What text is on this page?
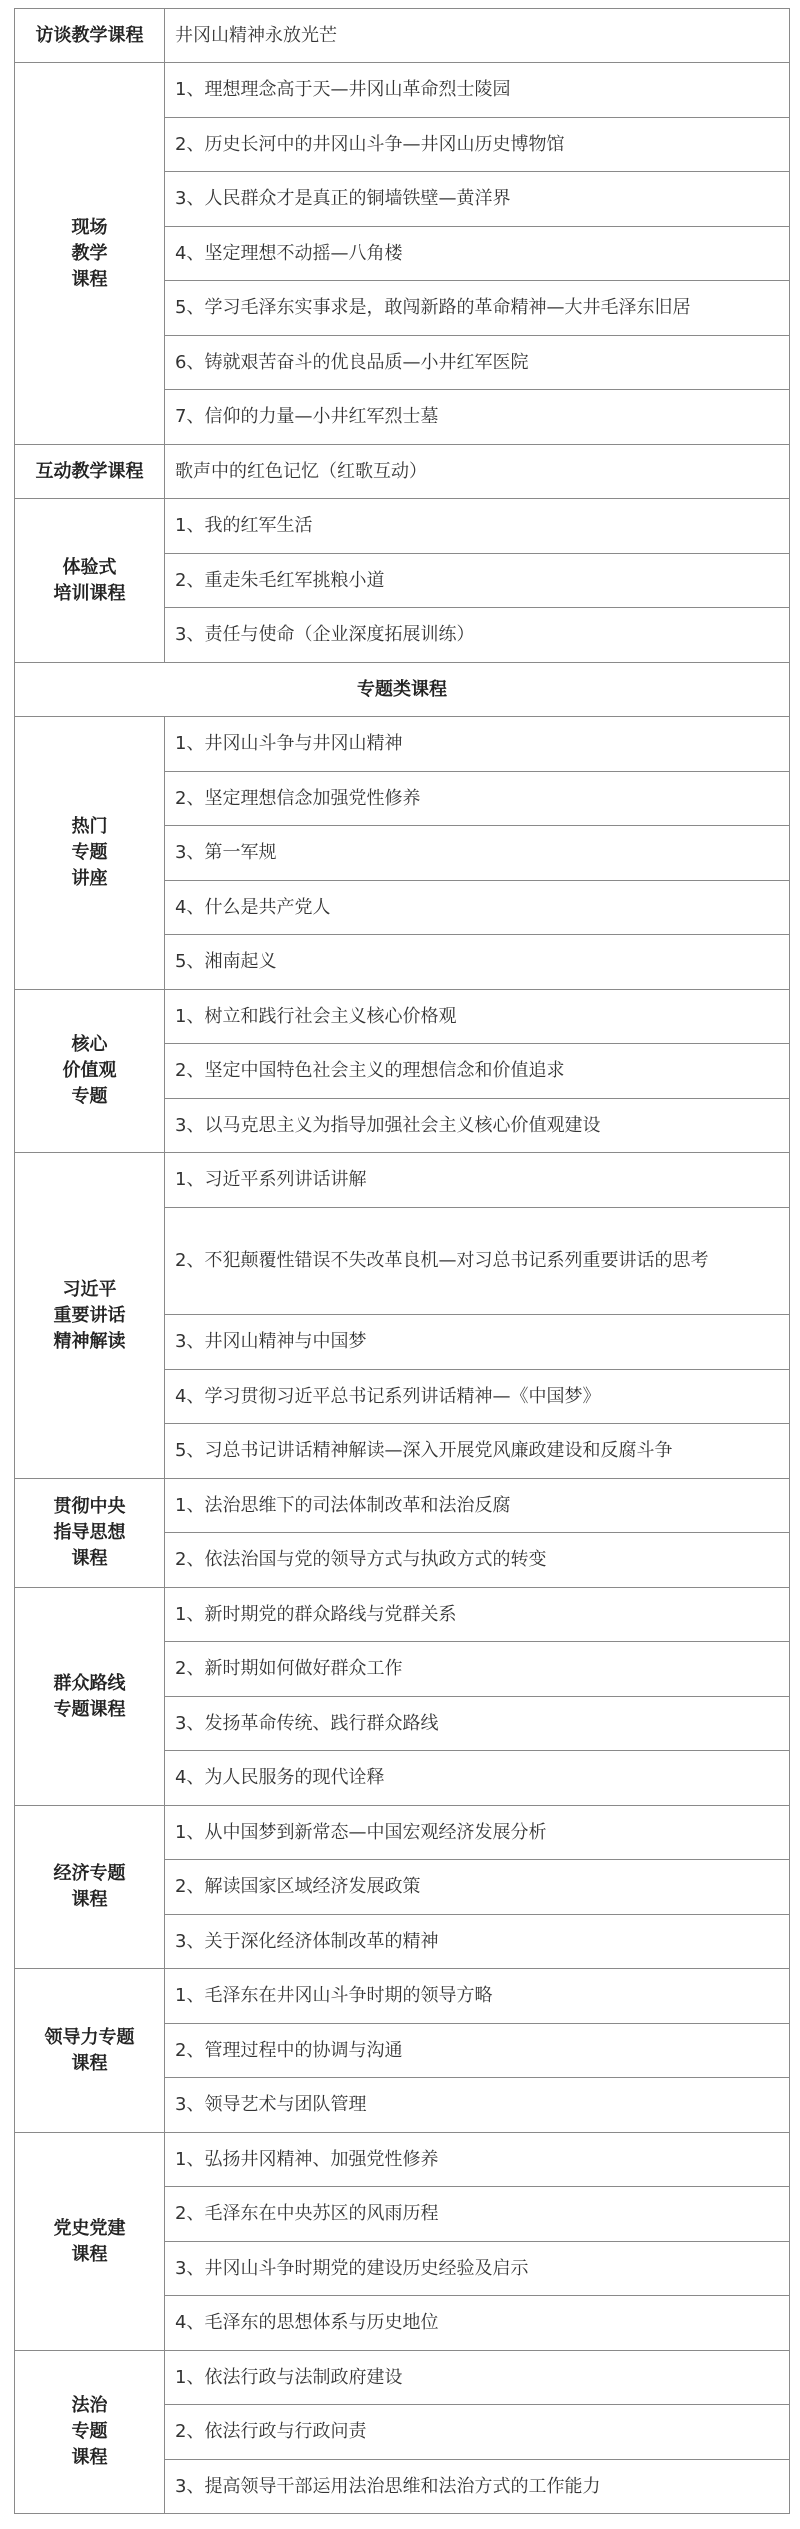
访谈教学课程	井冈山精神永放光芒

现场
教学
课程	1、理想理念高于天—井冈山革命烈士陵园
	2、历史长河中的井冈山斗争—井冈山历史博物馆
	3、人民群众才是真正的铜墙铁壁—黄洋界
	4、坚定理想不动摇—八角楼
	5、学习毛泽东实事求是，敢闯新路的革命精神—大井毛泽东旧居
	6、铸就艰苦奋斗的优良品质—小井红军医院
	7、信仰的力量—小井红军烈士墓

互动教学课程	歌声中的红色记忆（红歌互动）

体验式
培训课程	1、我的红军生活
	2、重走朱毛红军挑粮小道
	3、责任与使命（企业深度拓展训练）
专题类课程	

热门
专题
讲座	1、井冈山斗争与井冈山精神
	2、坚定理想信念加强党性修养
	3、第一军规
	4、什么是共产党人
	5、湘南起义

核心
价值观
专题	1、树立和践行社会主义核心价格观
	2、坚定中国特色社会主义的理想信念和价值追求
	3、以马克思主义为指导加强社会主义核心价值观建设

习近平
重要讲话
精神解读	1、习近平系列讲话讲解
	2、不犯颠覆性错误不失改革良机—对习总书记系列重要讲话的思考
	3、井冈山精神与中国梦
	4、学习贯彻习近平总书记系列讲话精神—《中国梦》
	5、习总书记讲话精神解读—深入开展党风廉政建设和反腐斗争

贯彻中央
指导思想
课程	1、法治思维下的司法体制改革和法治反腐
	2、依法治国与党的领导方式与执政方式的转变

群众路线
专题课程	1、新时期党的群众路线与党群关系
	2、新时期如何做好群众工作
	3、发扬革命传统、践行群众路线
	4、为人民服务的现代诠释

经济专题
课程	1、从中国梦到新常态—中国宏观经济发展分析
	2、解读国家区域经济发展政策
	3、关于深化经济体制改革的精神

领导力专题
课程	1、毛泽东在井冈山斗争时期的领导方略
	2、管理过程中的协调与沟通
	3、领导艺术与团队管理

党史党建
课程	1、弘扬井冈精神、加强党性修养
	2、毛泽东在中央苏区的风雨历程
	3、井冈山斗争时期党的建设历史经验及启示
	4、毛泽东的思想体系与历史地位

法治
专题
课程	1、依法行政与法制政府建设
	2、依法行政与行政问责
	3、提高领导干部运用法治思维和法治方式的工作能力
